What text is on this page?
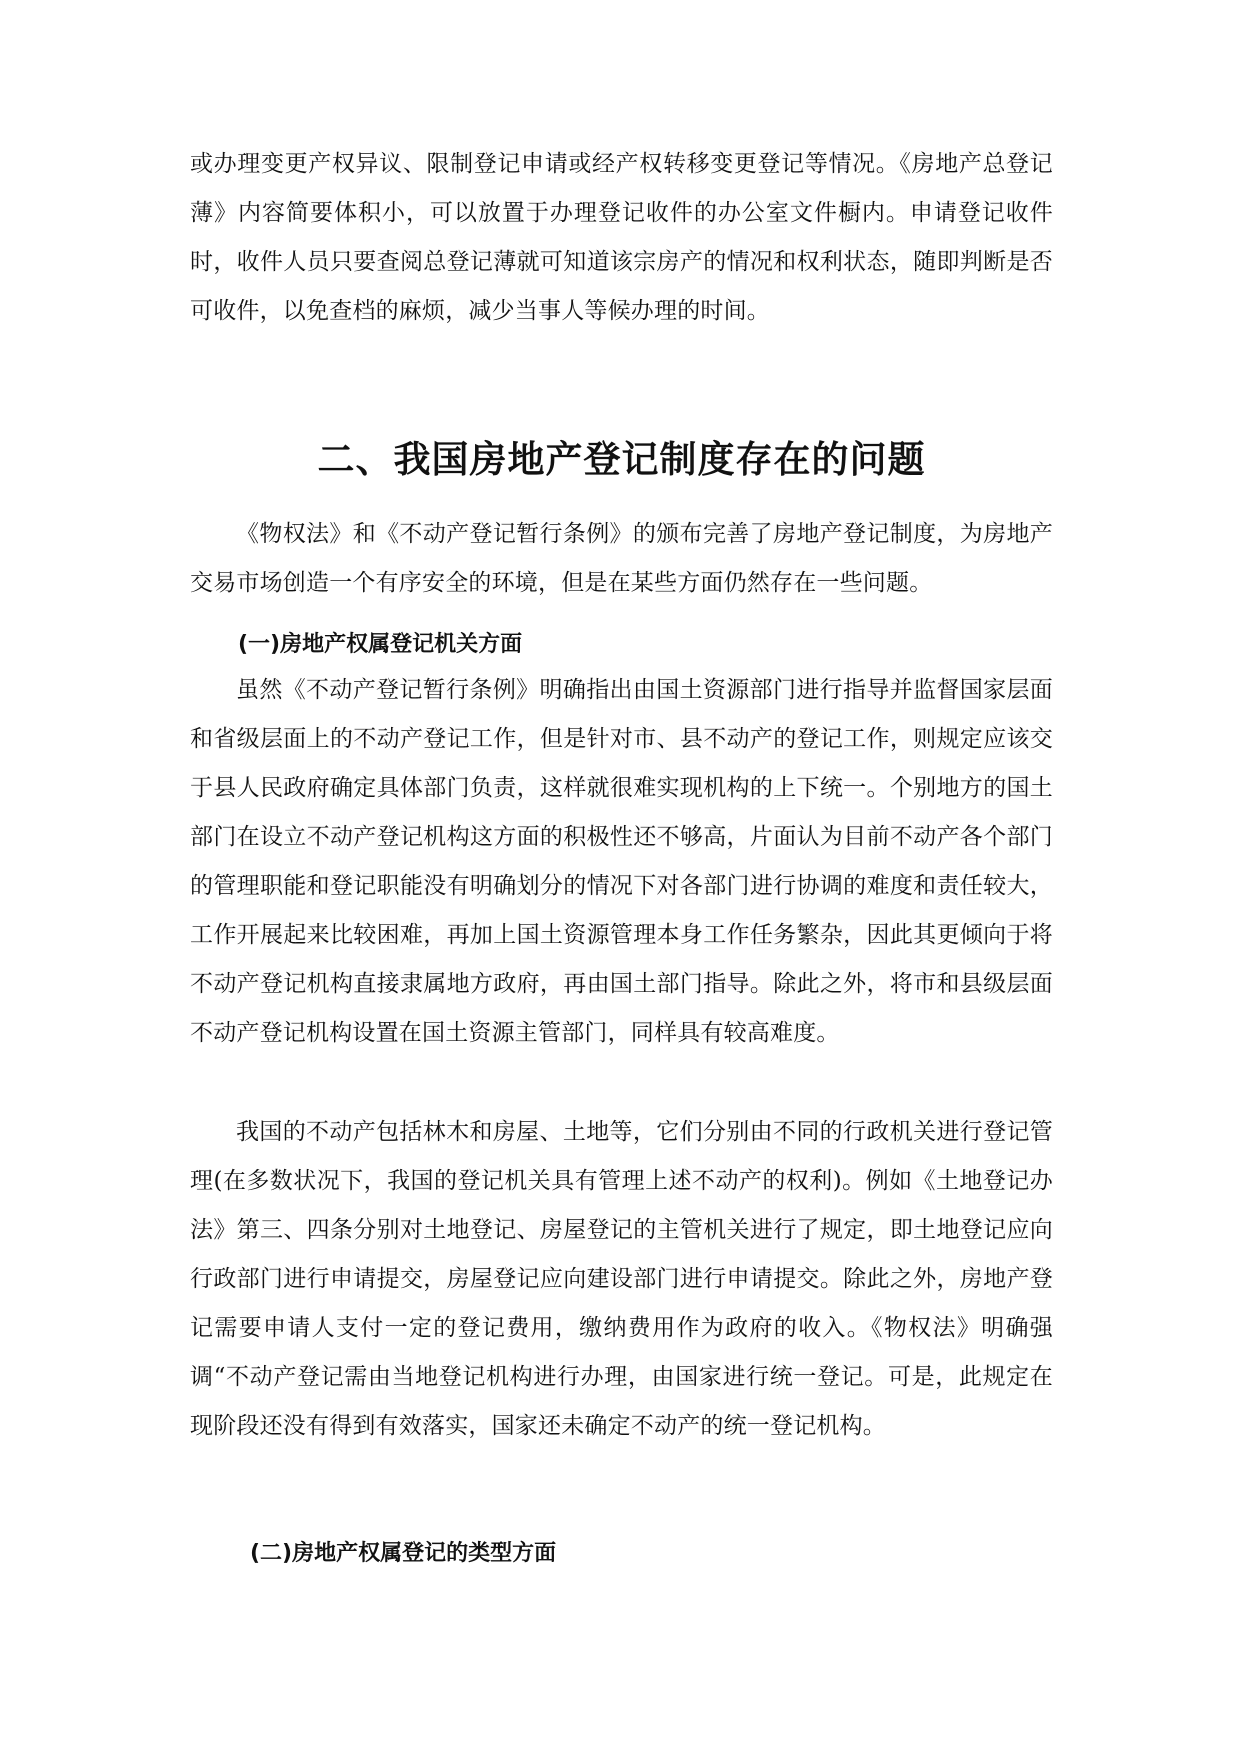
或办理变更产权异议、限制登记申请或经产权转移变更登记等情况。《房地产总登记薄》内容简要体积小，可以放置于办理登记收件的办公室文件橱内。申请登记收件时，收件人员只要查阅总登记薄就可知道该宗房产的情况和权利状态，随即判断是否可收件，以免查档的麻烦，减少当事人等候办理的时间。

二、我国房地产登记制度存在的问题

《物权法》和《不动产登记暂行条例》的颁布完善了房地产登记制度，为房地产交易市场创造一个有序安全的环境，但是在某些方面仍然存在一些问题。

(一)房地产权属登记机关方面

虽然《不动产登记暂行条例》明确指出由国土资源部门进行指导并监督国家层面和省级层面上的不动产登记工作，但是针对市、县不动产的登记工作，则规定应该交于县人民政府确定具体部门负责，这样就很难实现机构的上下统一。个别地方的国土部门在设立不动产登记机构这方面的积极性还不够高，片面认为目前不动产各个部门的管理职能和登记职能没有明确划分的情况下对各部门进行协调的难度和责任较大，工作开展起来比较困难，再加上国土资源管理本身工作任务繁杂，因此其更倾向于将不动产登记机构直接隶属地方政府，再由国土部门指导。除此之外，将市和县级层面不动产登记机构设置在国土资源主管部门，同样具有较高难度。

我国的不动产包括林木和房屋、土地等，它们分别由不同的行政机关进行登记管理(在多数状况下，我国的登记机关具有管理上述不动产的权利)。例如《土地登记办法》第三、四条分别对土地登记、房屋登记的主管机关进行了规定，即土地登记应向行政部门进行申请提交，房屋登记应向建设部门进行申请提交。除此之外，房地产登记需要申请人支付一定的登记费用，缴纳费用作为政府的收入。《物权法》明确强调“不动产登记需由当地登记机构进行办理，由国家进行统一登记。可是，此规定在现阶段还没有得到有效落实，国家还未确定不动产的统一登记机构。

(二)房地产权属登记的类型方面
